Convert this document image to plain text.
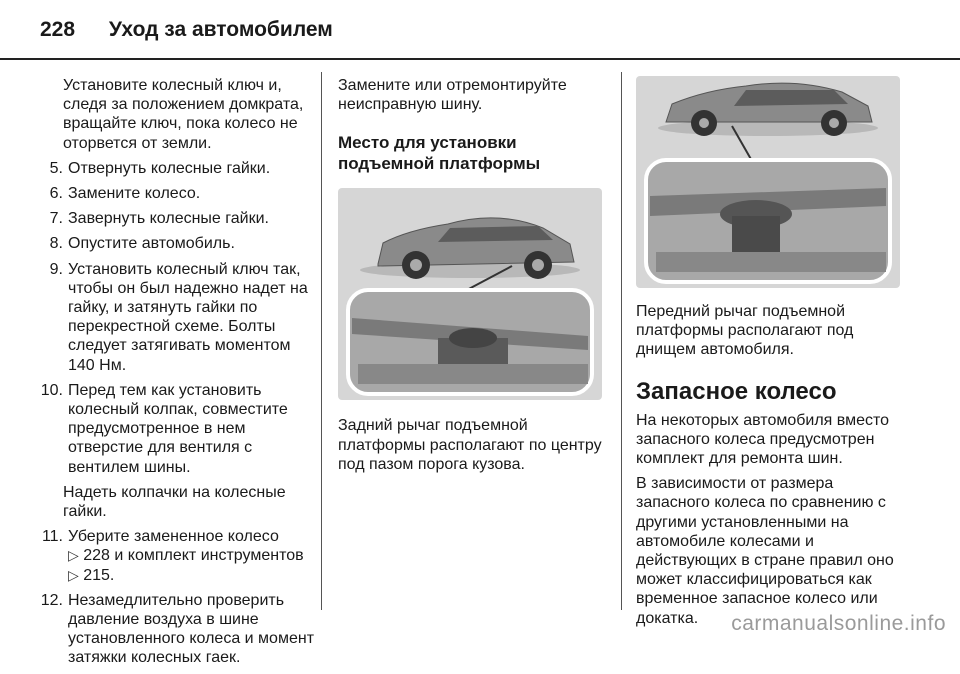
228 Уход за автомобилем

Установите колесный ключ и, следя за положением домкрата, вращайте ключ, пока колесо не оторвется от земли.

5. Отвернуть колесные гайки.
6. Замените колесо.
7. Завернуть колесные гайки.
8. Опустите автомобиль.
9. Установить колесный ключ так, чтобы он был надежно надет на гайку, и затянуть гайки по перекрестной схеме. Болты следует затягивать моментом 140 Нм.
10. Перед тем как установить колесный колпак, совместите предусмотренное в нем отверстие для вентиля с вентилем шины.

Надеть колпачки на колесные гайки.

11. Уберите замененное колесо
▷ 228 и комплект инструментов
▷ 215.
12. Незамедлительно проверить давление воздуха в шине установленного колеса и момент затяжки колесных гаек.

Замените или отремонтируйте неисправную шину.

Место для установки подъемной платформы

Задний рычаг подъемной платформы располагают по центру под пазом порога кузова.

Передний рычаг подъемной платформы располагают под днищем автомобиля.

Запасное колесо

На некоторых автомобиля вместо запасного колеса предусмотрен комплект для ремонта шин.

В зависимости от размера запасного колеса по сравнению с другими установленными на автомобиле колесами и действующих в стране правил оно может классифицироваться как временное запасное колесо или докатка.	carmanualsonline.info
